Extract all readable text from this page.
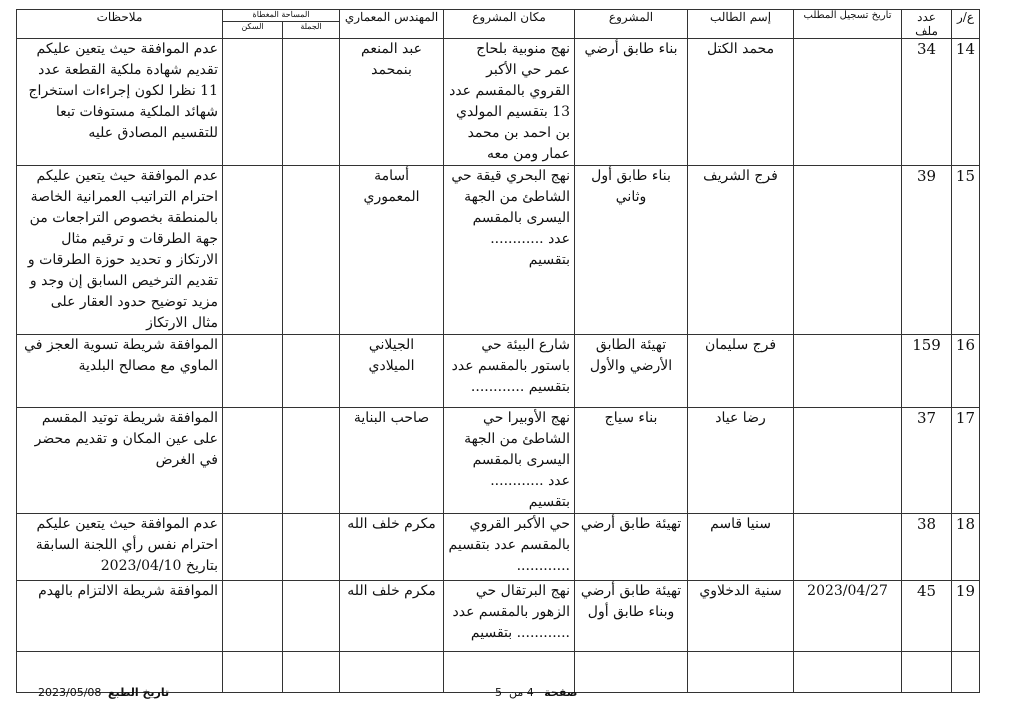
ع/ر	عدد ملف	تاريخ تسجيل المطلب	إسم الطالب	المشروع	مكان المشروع	المهندس المعماري	المساحة المغطاة		ملاحظات
							الجملة	السكن	
14	34		محمد الكتل	بناء طابق أرضي	نهج منوبية بلحاج عمر حي الأكبر القروي بالمقسم عدد 13 بتقسيم المولدي بن احمد بن محمد عمار ومن معه	عبد المنعم بنمحمد			عدم الموافقة حيث يتعين عليكم تقديم شهادة ملكية القطعة عدد 11 نظرا لكون إجراءات استخراج شهائد الملكية مستوفات تبعا للتقسيم المصادق عليه
15	39		فرج الشريف	بناء طابق أول وثاني	نهج البحري قيقة حي الشاطئ من الجهة اليسرى بالمقسم عدد ............ بتقسيم	أسامة المعموري			عدم الموافقة حيث يتعين عليكم احترام التراتيب العمرانية الخاصة بالمنطقة بخصوص التراجعات من جهة الطرقات و ترقيم مثال الارتكاز و تحديد حوزة الطرقات و تقديم الترخيص السابق إن وجد و مزيد توضيح حدود العقار على مثال الارتكاز
16	159		فرج سليمان	تهيئة الطابق الأرضي والأول	شارع البيئة حي باستور بالمقسم عدد بتقسيم ............	الجيلاني الميلادي			الموافقة شريطة تسوية العجز في الماوي مع مصالح البلدية
17	37		رضا عياد	بناء سياج	نهج الأوبيرا حي الشاطئ من الجهة اليسرى بالمقسم عدد ............ بتقسيم	صاحب البناية			الموافقة شريطة توتيد المقسم على عين المكان و تقديم محضر في الغرض
18	38		سنيا قاسم	تهيئة طابق أرضي	حي الأكبر القروي بالمقسم عدد بتقسيم ............	مكرم خلف الله			عدم الموافقة حيث يتعين عليكم احترام نفس رأي اللجنة السابقة بتاريخ 2023/04/10
19	45	2023/04/27	سنية الدخلاوي	تهيئة طابق أرضي وبناء طابق أول	نهج البرتقال حي الزهور بالمقسم عدد ............ بتقسيم	مكرم خلف الله			الموافقة شريطة الالتزام بالهدم

تاريخ الطبع
2023/05/08	صفحة   4 من  5
